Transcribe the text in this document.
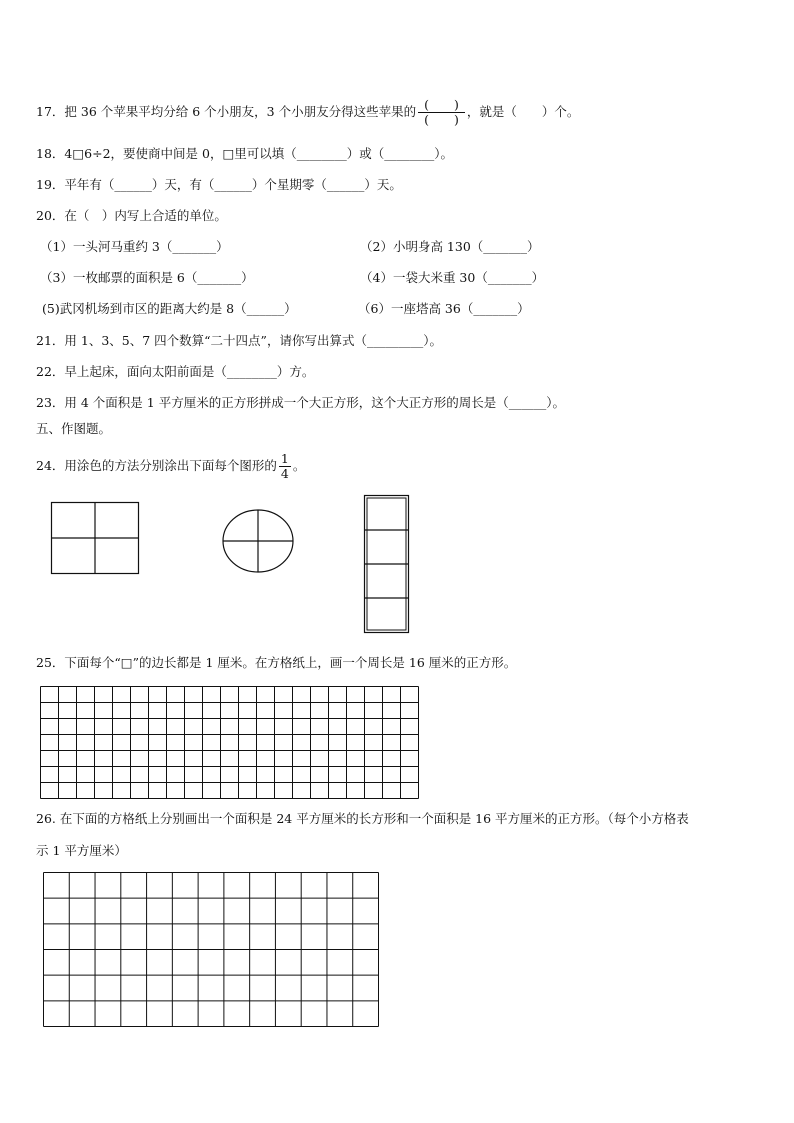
17．把 36 个苹果平均分给 6 个小朋友，3 个小朋友分得这些苹果的 $\frac{( )}{( )}$ ，就是（　　）个。
18．4□6÷2，要使商中间是 0，□里可以填（________）或（________）。
19．平年有（______）天，有（______）个星期零（______）天。
20．在（　）内写上合适的单位。
（1）一头河马重约 3（_______）	（2）小明身高 130（_______）
（3）一枚邮票的面积是 6（_______）	（4）一袋大米重 30（_______）
(5)武冈机场到市区的距离大约是 8（______）	（6）一座塔高 36（_______）
21．用 1、3、5、7 四个数算“二十四点”，请你写出算式（_________）。
22．早上起床，面向太阳前面是（________）方。
23．用 4 个面积是 1 平方厘米的正方形拼成一个大正方形，这个大正方形的周长是（______）。
五、作图题。
24．用涂色的方法分别涂出下面每个图形的 $\frac{1}{4}$ 。
25．下面每个“□”的边长都是 1 厘米。在方格纸上，画一个周长是 16 厘米的正方形。
26. 在下面的方格纸上分别画出一个面积是 24 平方厘米的长方形和一个面积是 16 平方厘米的正方形。（每个小方格表
示 1 平方厘米）
